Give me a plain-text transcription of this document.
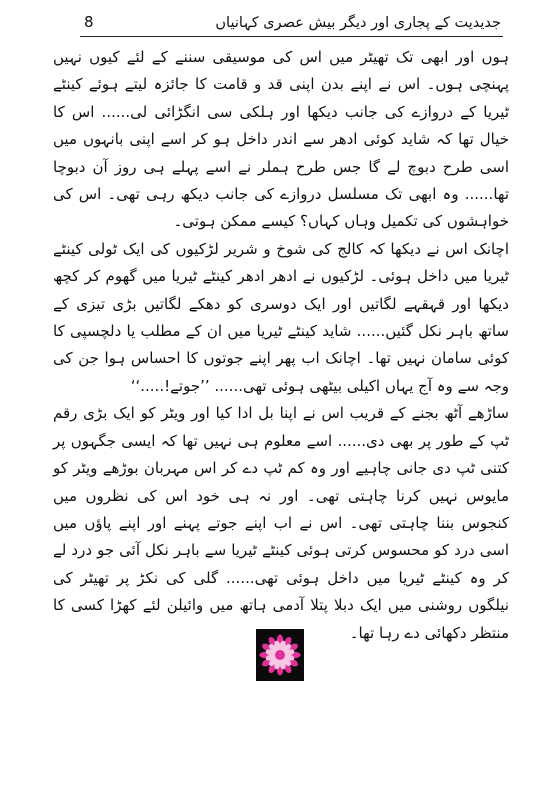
جدیدیت کے پجاری اور دیگر بیش عصری کہانیاں
8

ہوں اور ابھی تک تھیٹر میں اس کی موسیقی سننے کے لئے کیوں نہیں پہنچی ہوں۔ اس نے اپنے بدن اپنی قد و قامت کا جائزہ لیتے ہوئے کینٹے ٹیریا کے دروازے کی جانب دیکھا اور ہلکی سی انگڑائی لی...... اس کا خیال تھا کہ شاید کوئی ادھر سے اندر داخل ہو کر اسے اپنی بانہوں میں اسی طرح دبوچ لے گا جس طرح ہملر نے اسے پہلے ہی روز آن دبوچا تھا...... وہ ابھی تک مسلسل دروازے کی جانب دیکھ رہی تھی۔ اس کی خواہشوں کی تکمیل وہاں کہاں؟ کیسے ممکن ہوتی۔

اچانک اس نے دیکھا کہ کالج کی شوخ و شریر لڑکیوں کی ایک ٹولی کینٹے ٹیریا میں داخل ہوئی۔ لڑکیوں نے ادھر ادھر کینٹے ٹیریا میں گھوم کر کچھ دیکھا اور قہقہے لگاتیں اور ایک دوسری کو دھکے لگاتیں بڑی تیزی کے ساتھ باہر نکل گئیں...... شاید کینٹے ٹیریا میں ان کے مطلب یا دلچسپی کا کوئی سامان نہیں تھا۔ اچانک اب پھر اپنے جوتوں کا احساس ہوا جن کی وجہ سے وہ آج یہاں اکیلی بیٹھی ہوئی تھی...... ’’جوتے!.....‘‘

ساڑھے آٹھ بجنے کے قریب اس نے اپنا بل ادا کیا اور ویٹر کو ایک بڑی رقم ٹپ کے طور پر بھی دی...... اسے معلوم ہی نہیں تھا کہ ایسی جگہوں پر کتنی ٹپ دی جانی چاہیے اور وہ کم ٹپ دے کر اس مہربان بوڑھے ویٹر کو مایوس نہیں کرنا چاہتی تھی۔ اور نہ ہی خود اس کی نظروں میں کنجوس بننا چاہتی تھی۔ اس نے اب اپنے جوتے پہنے اور اپنے پاؤں میں اسی درد کو محسوس کرتی ہوئی کینٹے ٹیریا سے باہر نکل آئی جو درد لے کر وہ کینٹے ٹیریا میں داخل ہوئی تھی...... گلی کی نکڑ پر تھیٹر کی نیلگوں روشنی میں ایک دبلا پتلا آدمی ہاتھ میں وائیلن لئے کھڑا کسی کا منتظر دکھائی دے رہا تھا۔
